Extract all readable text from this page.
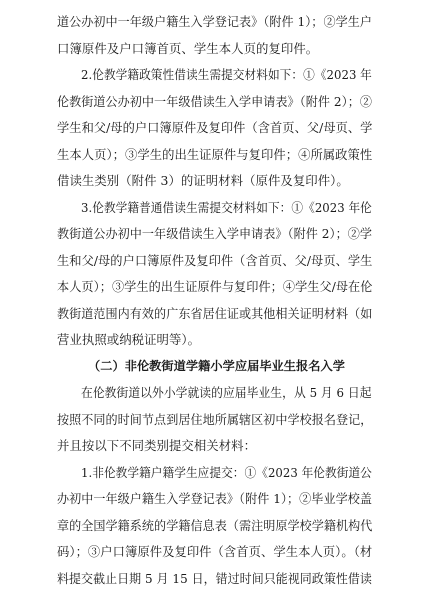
道公办初中一年级户籍生入学登记表》（附件 1）；②学生户
口簿原件及户口簿首页、学生本人页的复印件。
2.伦教学籍政策性借读生需提交材料如下：①《2023 年
伦教街道公办初中一年级借读生入学申请表》（附件 2）；②
学生和父/母的户口簿原件及复印件（含首页、父/母页、学
生本人页）；③学生的出生证原件与复印件；④所属政策性
借读生类别（附件 3）的证明材料（原件及复印件）。
3.伦教学籍普通借读生需提交材料如下：①《2023 年伦
教街道公办初中一年级借读生入学申请表》（附件 2）；②学
生和父/母的户口簿原件及复印件（含首页、父/母页、学生
本人页）；③学生的出生证原件与复印件；④学生父/母在伦
教街道范围内有效的广东省居住证或其他相关证明材料（如
营业执照或纳税证明等）。
（二）非伦教街道学籍小学应届毕业生报名入学
在伦教街道以外小学就读的应届毕业生，从 5 月 6 日起
按照不同的时间节点到居住地所属辖区初中学校报名登记，
并且按以下不同类别提交相关材料：
1.非伦教学籍户籍学生应提交：①《2023 年伦教街道公
办初中一年级户籍生入学登记表》（附件 1）；②毕业学校盖
章的全国学籍系统的学籍信息表（需注明原学校学籍机构代
码）；③户口簿原件及复印件（含首页、学生本人页）。（材
料提交截止日期 5 月 15 日，错过时间只能视同政策性借读
